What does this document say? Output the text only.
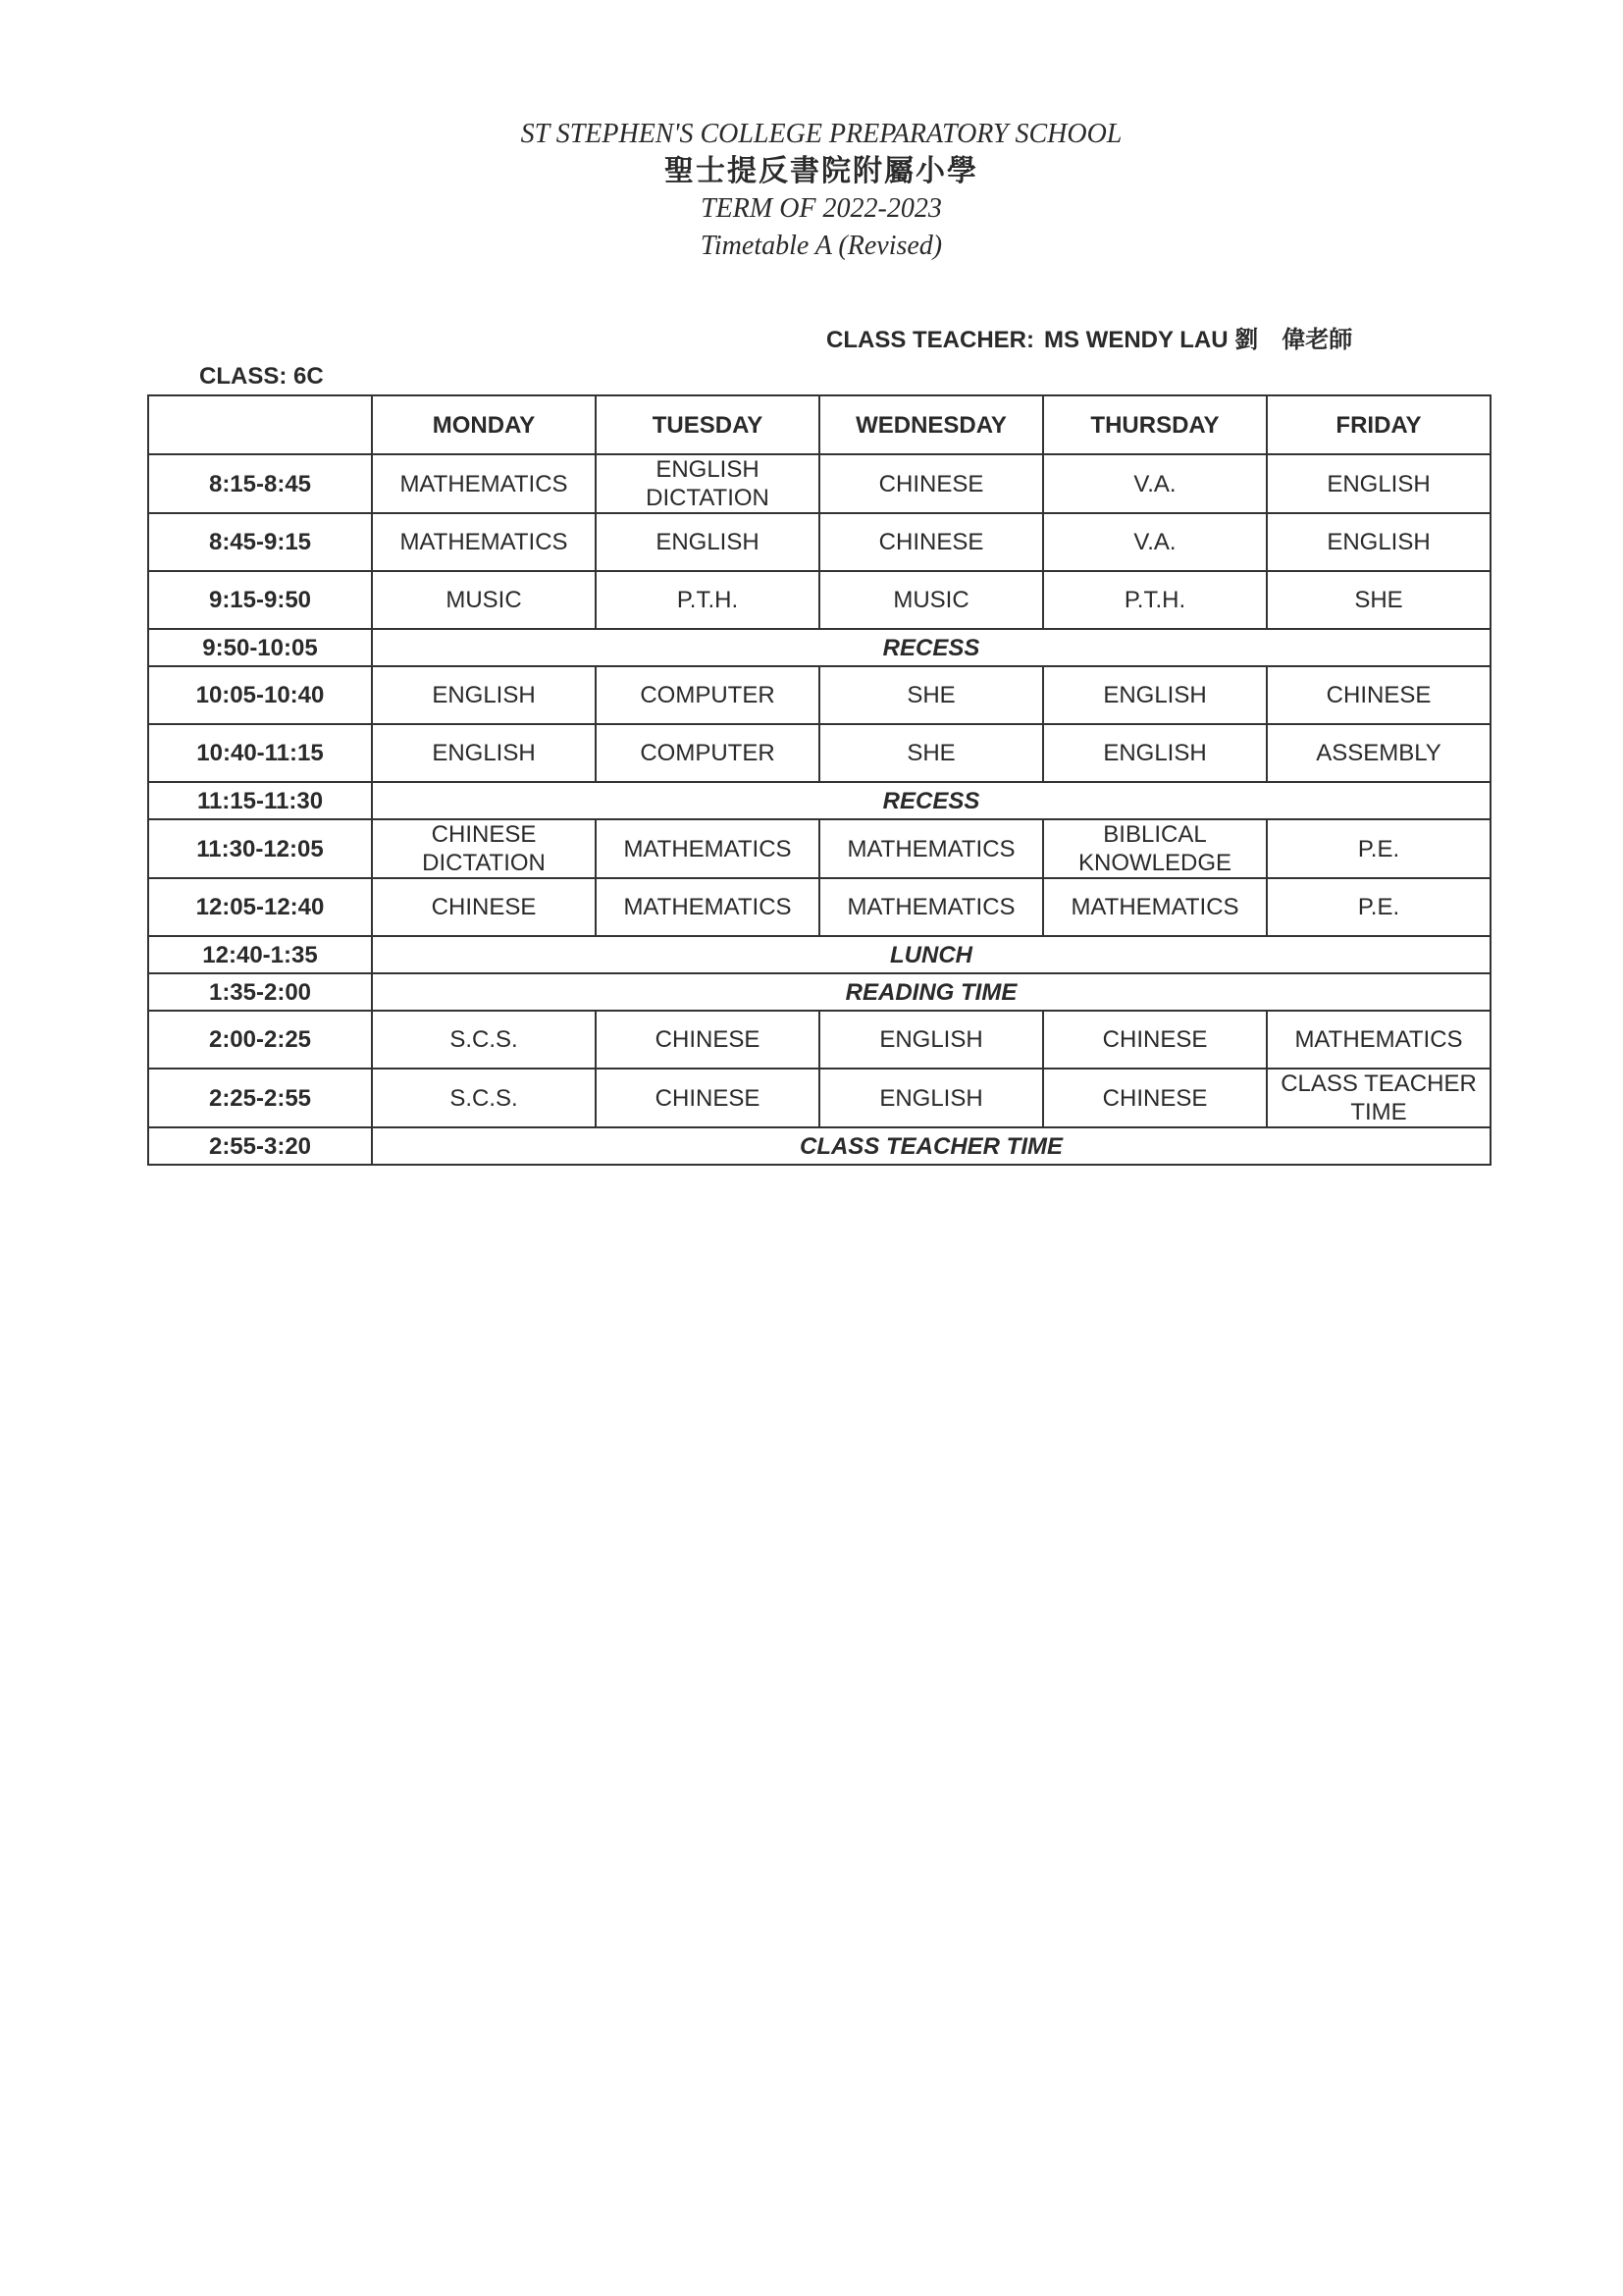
ST STEPHEN'S COLLEGE PREPARATORY SCHOOL
聖士提反書院附屬小學
TERM OF 2022-2023
Timetable A (Revised)
CLASS TEACHER: MS WENDY LAU 劉　偉老師
CLASS: 6C
	MONDAY	TUESDAY	WEDNESDAY	THURSDAY	FRIDAY
8:15-8:45	MATHEMATICS	ENGLISH DICTATION	CHINESE	V.A.	ENGLISH
8:45-9:15	MATHEMATICS	ENGLISH	CHINESE	V.A.	ENGLISH
9:15-9:50	MUSIC	P.T.H.	MUSIC	P.T.H.	SHE
9:50-10:05	RECESS				
10:05-10:40	ENGLISH	COMPUTER	SHE	ENGLISH	CHINESE
10:40-11:15	ENGLISH	COMPUTER	SHE	ENGLISH	ASSEMBLY
11:15-11:30	RECESS				
11:30-12:05	CHINESE DICTATION	MATHEMATICS	MATHEMATICS	BIBLICAL KNOWLEDGE	P.E.
12:05-12:40	CHINESE	MATHEMATICS	MATHEMATICS	MATHEMATICS	P.E.
12:40-1:35	LUNCH				
1:35-2:00	READING TIME				
2:00-2:25	S.C.S.	CHINESE	ENGLISH	CHINESE	MATHEMATICS
2:25-2:55	S.C.S.	CHINESE	ENGLISH	CHINESE	CLASS TEACHER TIME
2:55-3:20	CLASS TEACHER TIME				
